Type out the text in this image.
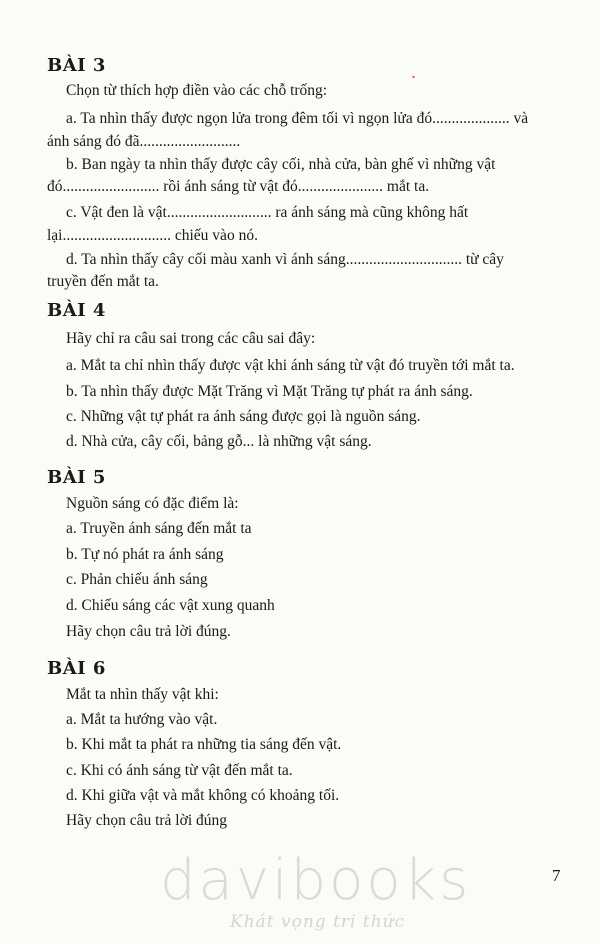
BÀI 3

Chọn từ thích hợp điền vào các chỗ trống:

a. Ta nhìn thấy được ngọn lửa trong đêm tối vì ngọn lửa đó.................... và

ánh sáng đó đã..........................

b. Ban ngày ta nhìn thấy được cây cối, nhà cửa, bàn ghế vì những vật

đó......................... rồi ánh sáng từ vật đó...................... mắt ta.

c. Vật đen là vật........................... ra ánh sáng mà cũng không hất

lại............................ chiếu vào nó.

d. Ta nhìn thấy cây cối màu xanh vì ánh sáng.............................. từ cây

truyền đến mắt ta.

BÀI 4

Hãy chỉ ra câu sai trong các câu sai đây:

a. Mắt ta chỉ nhìn thấy được vật khi ánh sáng từ vật đó truyền tới mắt ta.

b. Ta nhìn thấy được Mặt Trăng vì Mặt Trăng tự phát ra ánh sáng.

c. Những vật tự phát ra ánh sáng được gọi là nguồn sáng.

d. Nhà cửa, cây cối, bảng gỗ... là những vật sáng.

BÀI 5

Nguồn sáng có đặc điểm là:

a. Truyền ánh sáng đến mắt ta

b. Tự nó phát ra ánh sáng

c. Phản chiếu ánh sáng

d. Chiếu sáng các vật xung quanh

Hãy chọn câu trả lời đúng.

BÀI 6

Mắt ta nhìn thấy vật khi:

a. Mắt ta hướng vào vật.

b. Khi mắt ta phát ra những tia sáng đến vật.

c. Khi có ánh sáng từ vật đến mắt ta.

d. Khi giữa vật và mắt không có khoảng tối.

Hãy chọn câu trả lời đúng

7
davibooks
Khát vọng tri thức
